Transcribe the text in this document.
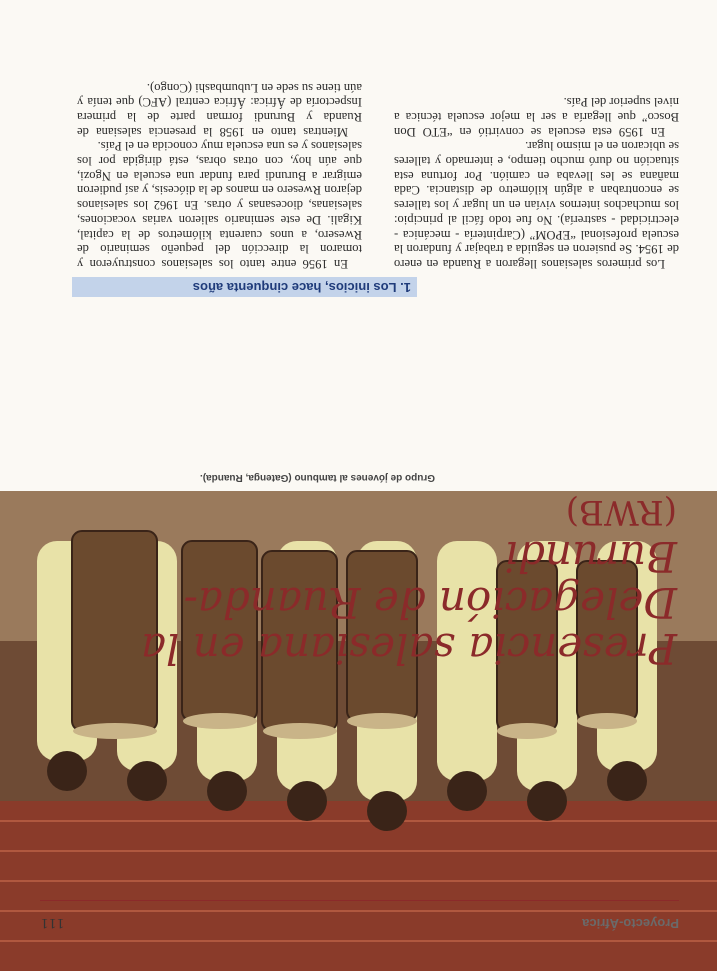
Grupo de jóvenes al tambuno (Gatenga, Ruanda).
Proyecto-África
111
Presencia salesiana en la
Delegación de Ruanda-Burundi
(RWB)
1. Los inicios, hace cinquenta años

Los primeros salesianos llegaron a Ruanda en enero de 1954. Se pusieron en seguida a trabajar y fundaron la escuela profesional “EPOM” (Carpintería - mecánica - electricidad - sastrería). No fue todo fácil al principio: los muchachos internos vivían en un lugar y los talleres se encontraban a algún kilómetro de distancia. Cada mañana se les llevaba en camión. Por fortuna esta situación no duró mucho tiempo, e internado y talleres se ubicaron en el mismo lugar.

En 1959 esta escuela se convirtió en “ETO Don Bosco” que llegaría a ser la mejor escuela técnica a nivel superior del País.

En 1956 entre tanto los salesianos construyeron y tomaron la dirección del pequeño seminario de Rwesero, a unos cuarenta kilómetros de la capital, Kigali. De este seminario salieron varias vocaciones, salesianas, diocesanas y otras. En 1962 los salesianos dejaron Rwesero en manos de la diócesis, y así pudieron emigrar a Burundi para fundar una escuela en Ngozi, que aún hoy, con otras obras, está dirigida por los salesianos y es una escuela muy conocida en el País.

Mientras tanto en 1958 la presencia salesiana de Ruanda y Burundi forman parte de la primera Inspectoría de África: África central (AFC) que tenía y aún tiene su sede en Lubumbashi (Congo).
